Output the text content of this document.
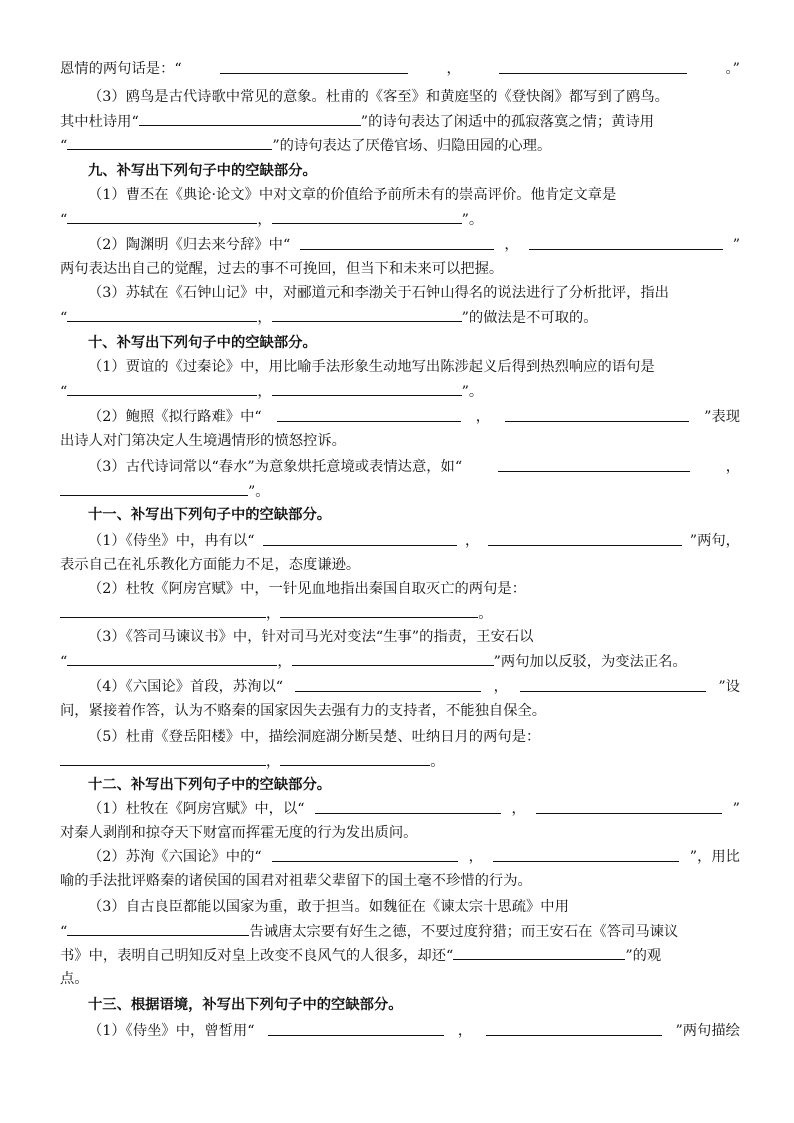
恩情的两句话是：“	，	。”
（3）鸥鸟是古代诗歌中常见的意象。杜甫的《客至》和黄庭坚的《登快阁》都写到了鸥鸟。
其中杜诗用“	”的诗句表达了闲适中的孤寂落寞之情；黄诗用
“	”的诗句表达了厌倦官场、归隐田园的心理。
九、补写出下列句子中的空缺部分。
（1）曹丕在《典论·论文》中对文章的价值给予前所未有的崇高评价。他肯定文章是
“	，	”。
（2）陶渊明《归去来兮辞》中“	，	”
两句表达出自己的觉醒，过去的事不可挽回，但当下和未来可以把握。
（3）苏轼在《石钟山记》中，对郦道元和李渤关于石钟山得名的说法进行了分析批评，指出
“	，	”的做法是不可取的。
十、补写出下列句子中的空缺部分。
（1）贾谊的《过秦论》中，用比喻手法形象生动地写出陈涉起义后得到热烈响应的语句是
“	，	”。
（2）鲍照《拟行路难》中“	，	”表现
出诗人对门第决定人生境遇情形的愤怒控诉。
（3）古代诗词常以“春水”为意象烘托意境或表情达意，如“	，
”。
十一、补写出下列句子中的空缺部分。
（1）《侍坐》中，冉有以“	，	”两句，
表示自己在礼乐教化方面能力不足，态度谦逊。
（2）杜牧《阿房宫赋》中，一针见血地指出秦国自取灭亡的两句是：
，	。
（3）《答司马谏议书》中，针对司马光对变法“生事”的指责，王安石以
“	，	”两句加以反驳，为变法正名。
（4）《六国论》首段，苏洵以“	，	”设
问，紧接着作答，认为不赂秦的国家因失去强有力的支持者，不能独自保全。
（5）杜甫《登岳阳楼》中，描绘洞庭湖分断吴楚、吐纳日月的两句是：
，	。
十二、补写出下列句子中的空缺部分。
（1）杜牧在《阿房宫赋》中，以“	，	”
对秦人剥削和掠夺天下财富而挥霍无度的行为发出质问。
（2）苏洵《六国论》中的“	，	”，用比
喻的手法批评赂秦的诸侯国的国君对祖辈父辈留下的国土毫不珍惜的行为。
（3）自古良臣都能以国家为重，敢于担当。如魏征在《谏太宗十思疏》中用
“	告诫唐太宗要有好生之德，不要过度狩猎；而王安石在《答司马谏议
书》中，表明自己明知反对皇上改变不良风气的人很多，却还“	”的观
点。
十三、根据语境，补写出下列句子中的空缺部分。
（1）《侍坐》中，曾皙用“	，	”两句描绘
